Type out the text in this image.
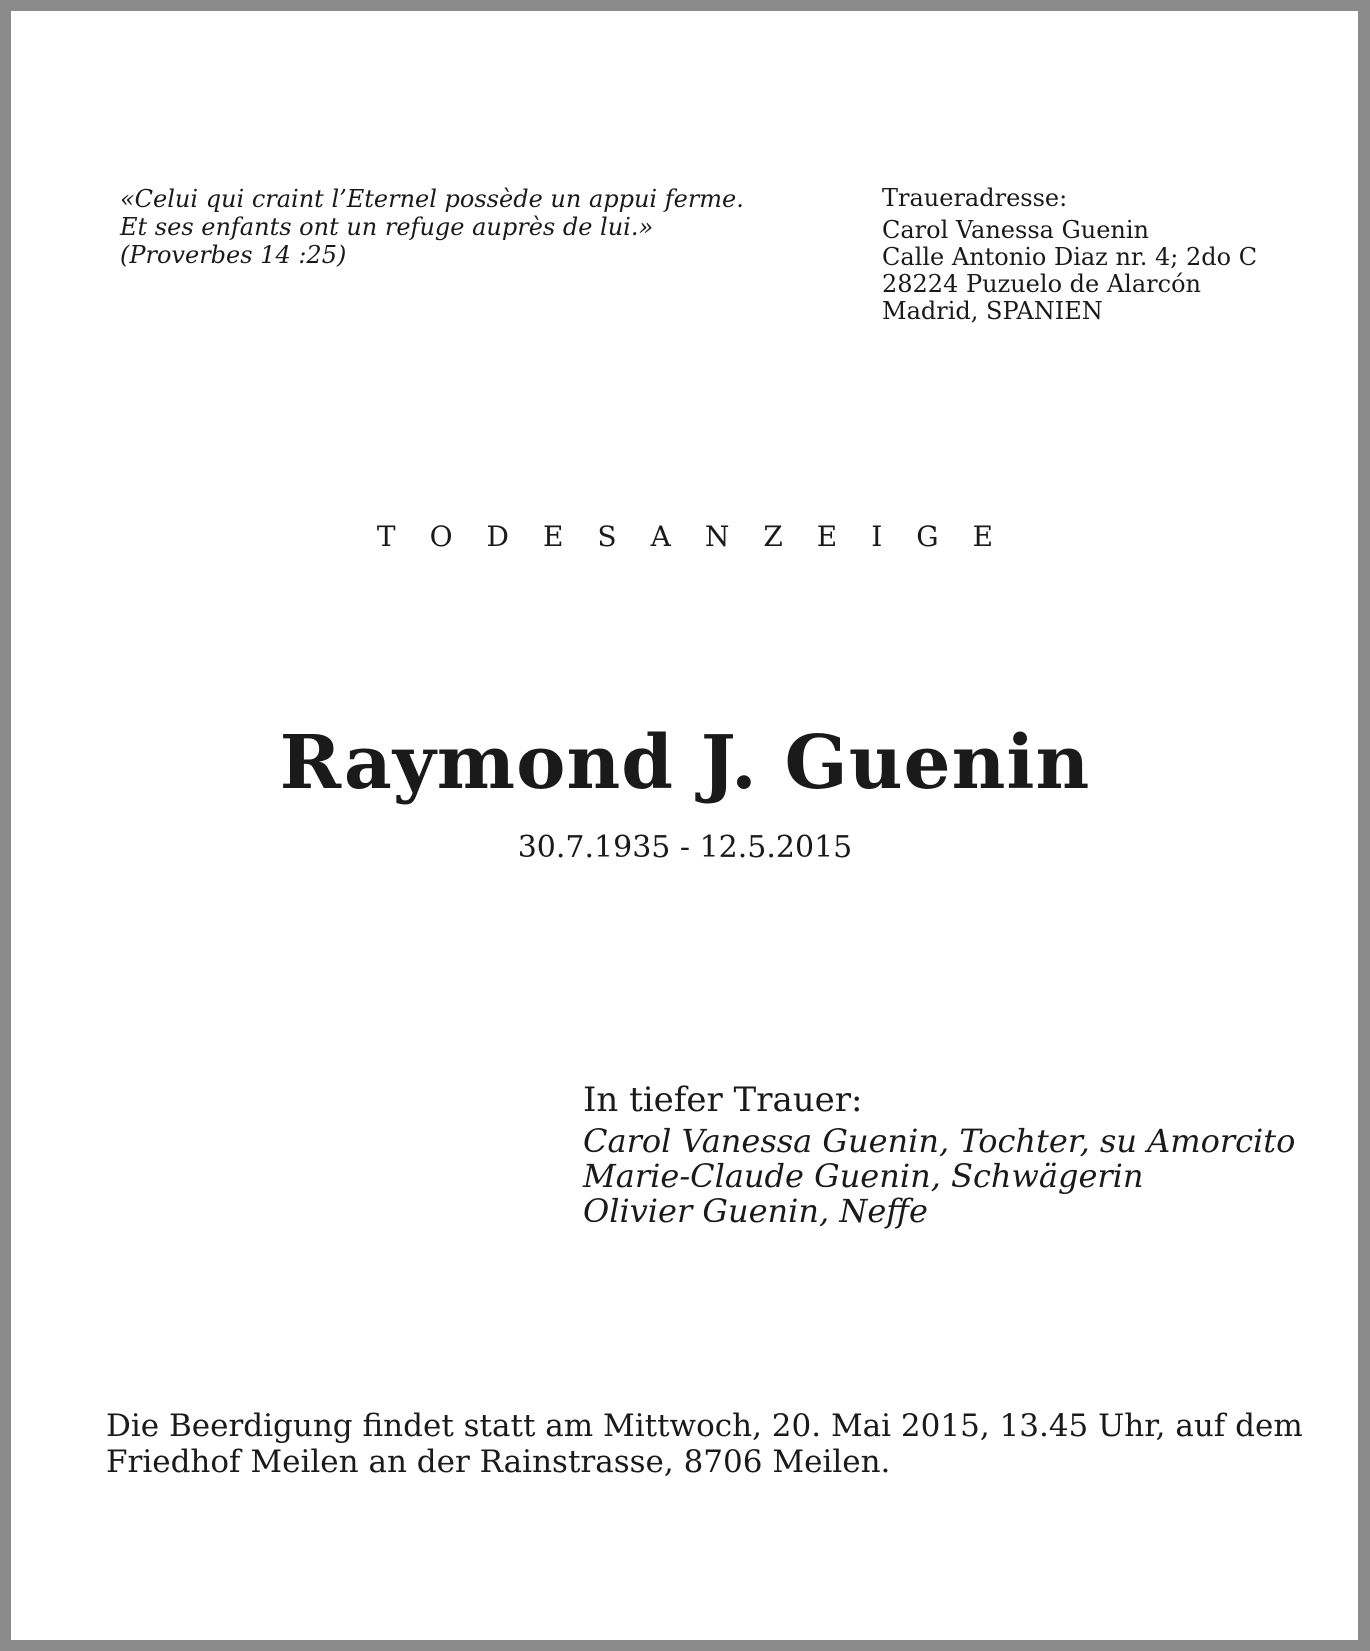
«Celui qui craint l’Eternel possède un appui ferme.
Et ses enfants ont un refuge auprès de lui.»
(Proverbes 14 :25)
Traueradresse:
Carol Vanessa Guenin
Calle Antonio Diaz nr. 4; 2do C
28224 Puzuelo de Alarcón
Madrid, SPANIEN
TODESANZEIGE
Raymond J. Guenin
30.7.1935 - 12.5.2015
In tiefer Trauer:
Carol Vanessa Guenin, Tochter, su Amorcito
Marie-Claude Guenin, Schwägerin
Olivier Guenin, Neffe
Die Beerdigung findet statt am Mittwoch, 20. Mai 2015, 13.45 Uhr, auf dem
Friedhof Meilen an der Rainstrasse, 8706 Meilen.
